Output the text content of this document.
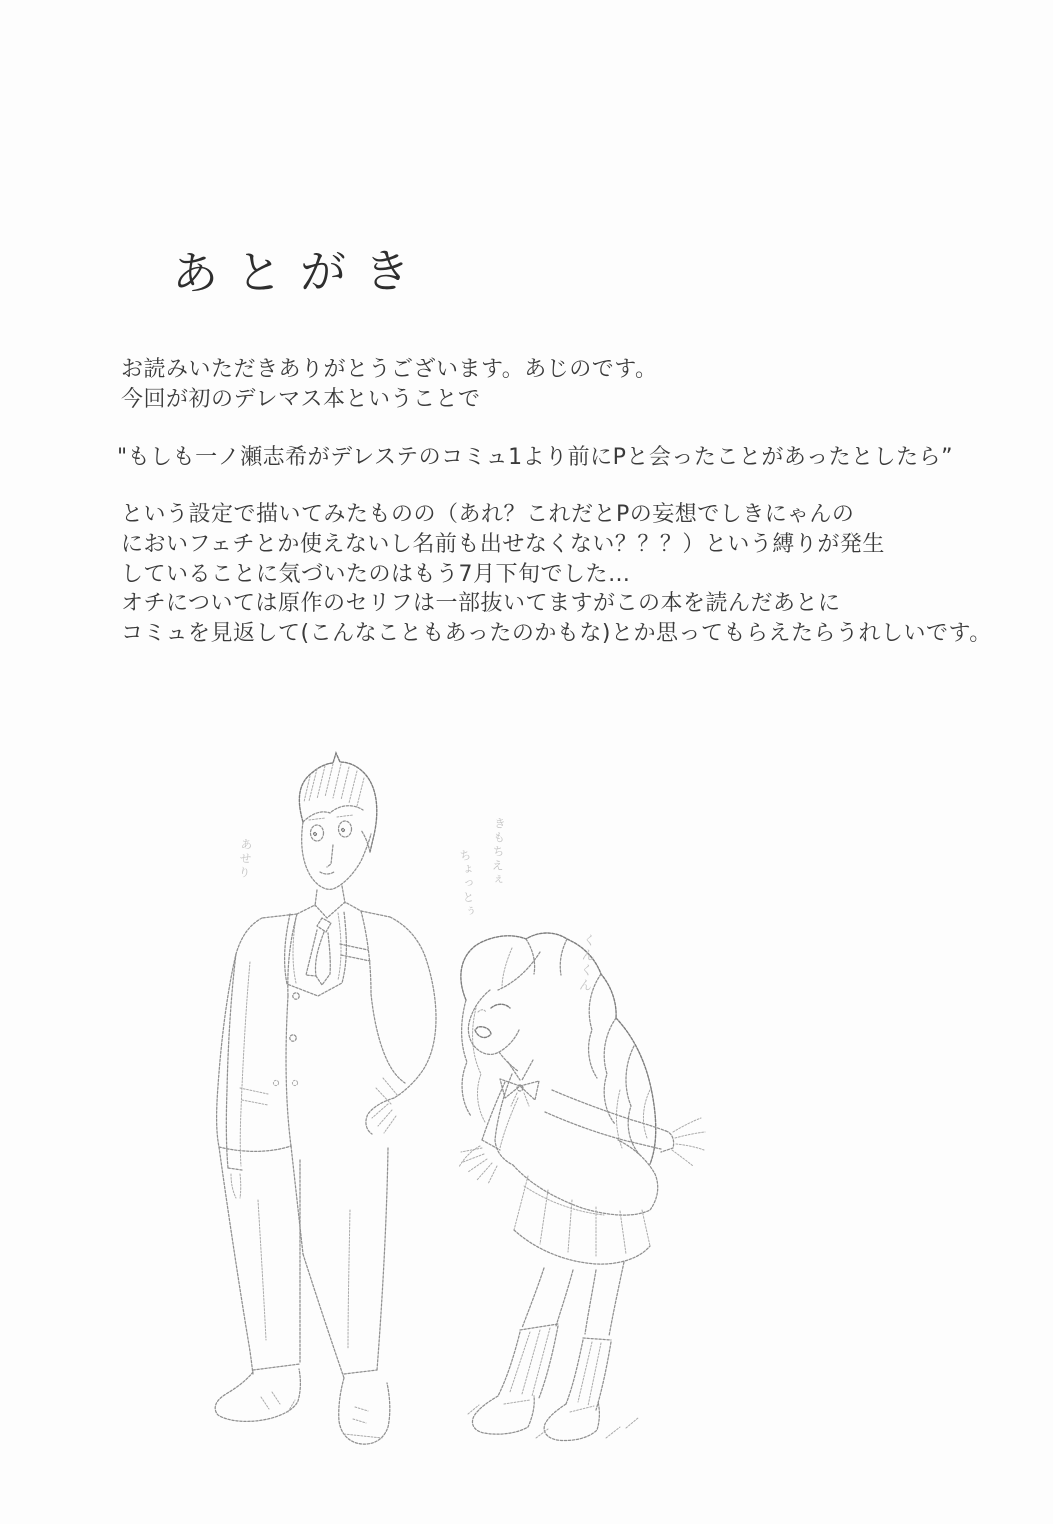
あとがき
お読みいただきありがとうございます。あじのです。
今回が初のデレマス本ということで
"もしも一ノ瀬志希がデレステのコミュ1より前にPと会ったことがあったとしたら”
という設定で描いてみたものの（あれ？これだとPの妄想でしきにゃんの
においフェチとか使えないし名前も出せなくない？？？）という縛りが発生
していることに気づいたのはもう7月下旬でした…
オチについては原作のセリフは一部抜いてますがこの本を読んだあとに
コミュを見返して(こんなこともあったのかもな)とか思ってもらえたらうれしいです。
あせり	きもちえぇ
ちょっとぅ
くんくん
